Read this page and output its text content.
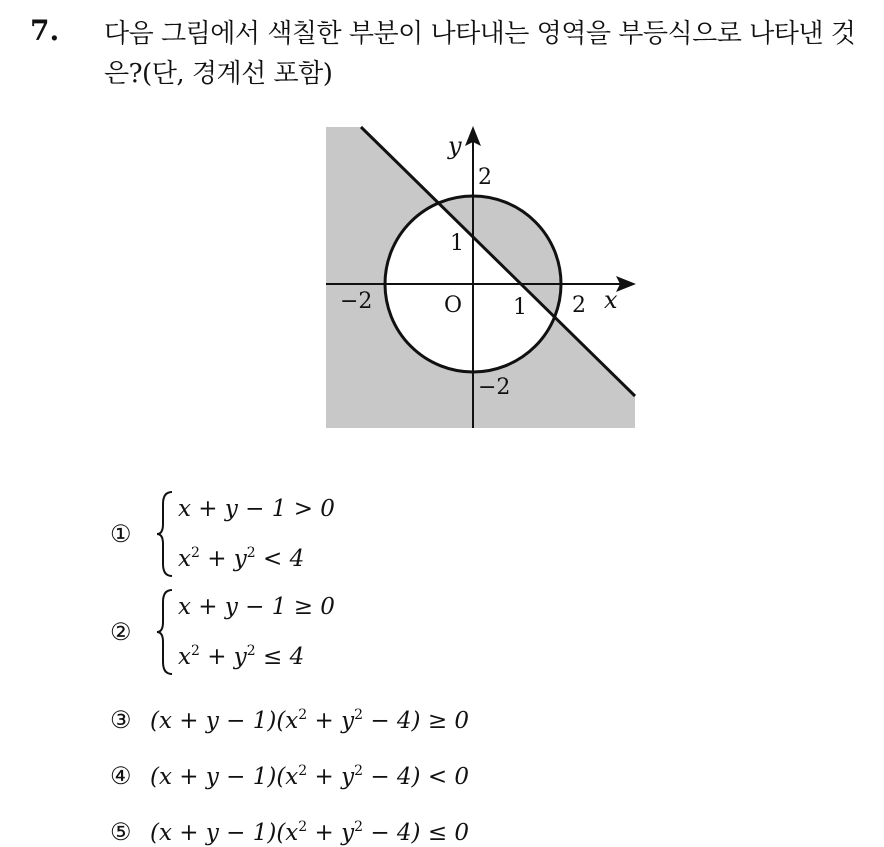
7. 다음 그림에서 색칠한 부분이 나타내는 영역을 부등식으로 나타낸 것은?(단, 경계선 포함)
y
x
2
1
O
−2	1 2
−2
①
x + y − 1 > 0
$x^2 + y^2 < 4$
②
x + y − 1 ≥ 0
$x^2 + y^2 \le 4$
③ $(x + y - 1)(x^2 + y^2 - 4) \ge 0$
④ $(x + y - 1)(x^2 + y^2 - 4) < 0$
⑤ $(x + y - 1)(x^2 + y^2 - 4) \le 0$
